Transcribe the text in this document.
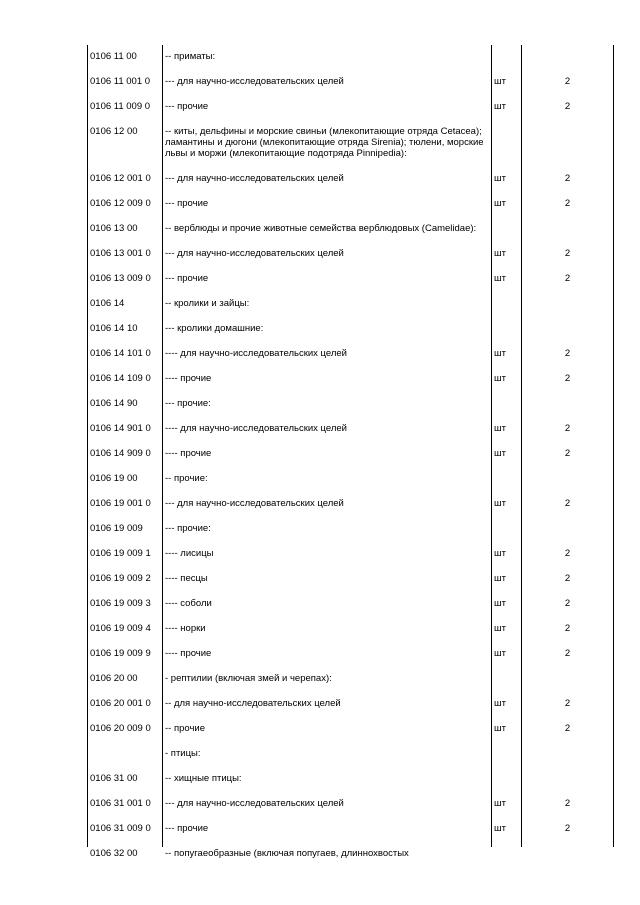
0106 11 00	-- приматы:		
0106 11 001 0	--- для научно-исследовательских целей	шт	2
0106 11 009 0	--- прочие	шт	2
0106 12 00	-- киты, дельфины и морские свиньи (млекопитающие отряда Cetacea); ламантины и дюгони (млекопитающие отряда Sirenia); тюлени, морские львы и моржи (млекопитающие подотряда Pinnipedia):		
0106 12 001 0	--- для научно-исследовательских целей	шт	2
0106 12 009 0	--- прочие	шт	2
0106 13 00	-- верблюды и прочие животные семейства верблюдовых (Camelidae):		
0106 13 001 0	--- для научно-исследовательских целей	шт	2
0106 13 009 0	--- прочие	шт	2
0106 14	-- кролики и зайцы:		
0106 14 10	--- кролики домашние:		
0106 14 101 0	---- для научно-исследовательских целей	шт	2
0106 14 109 0	---- прочие	шт	2
0106 14 90	--- прочие:		
0106 14 901 0	---- для научно-исследовательских целей	шт	2
0106 14 909 0	---- прочие	шт	2
0106 19 00	-- прочие:		
0106 19 001 0	--- для научно-исследовательских целей	шт	2
0106 19 009	--- прочие:		
0106 19 009 1	---- лисицы	шт	2
0106 19 009 2	---- песцы	шт	2
0106 19 009 3	---- соболи	шт	2
0106 19 009 4	---- норки	шт	2
0106 19 009 9	---- прочие	шт	2
0106 20 00	- рептилии (включая змей и черепах):		
0106 20 001 0	-- для научно-исследовательских целей	шт	2
0106 20 009 0	-- прочие	шт	2
	- птицы:		
0106 31 00	-- хищные птицы:		
0106 31 001 0	--- для научно-исследовательских целей	шт	2
0106 31 009 0	--- прочие	шт	2
0106 32 00	-- попугаеобразные (включая попугаев, длиннохвостых		
